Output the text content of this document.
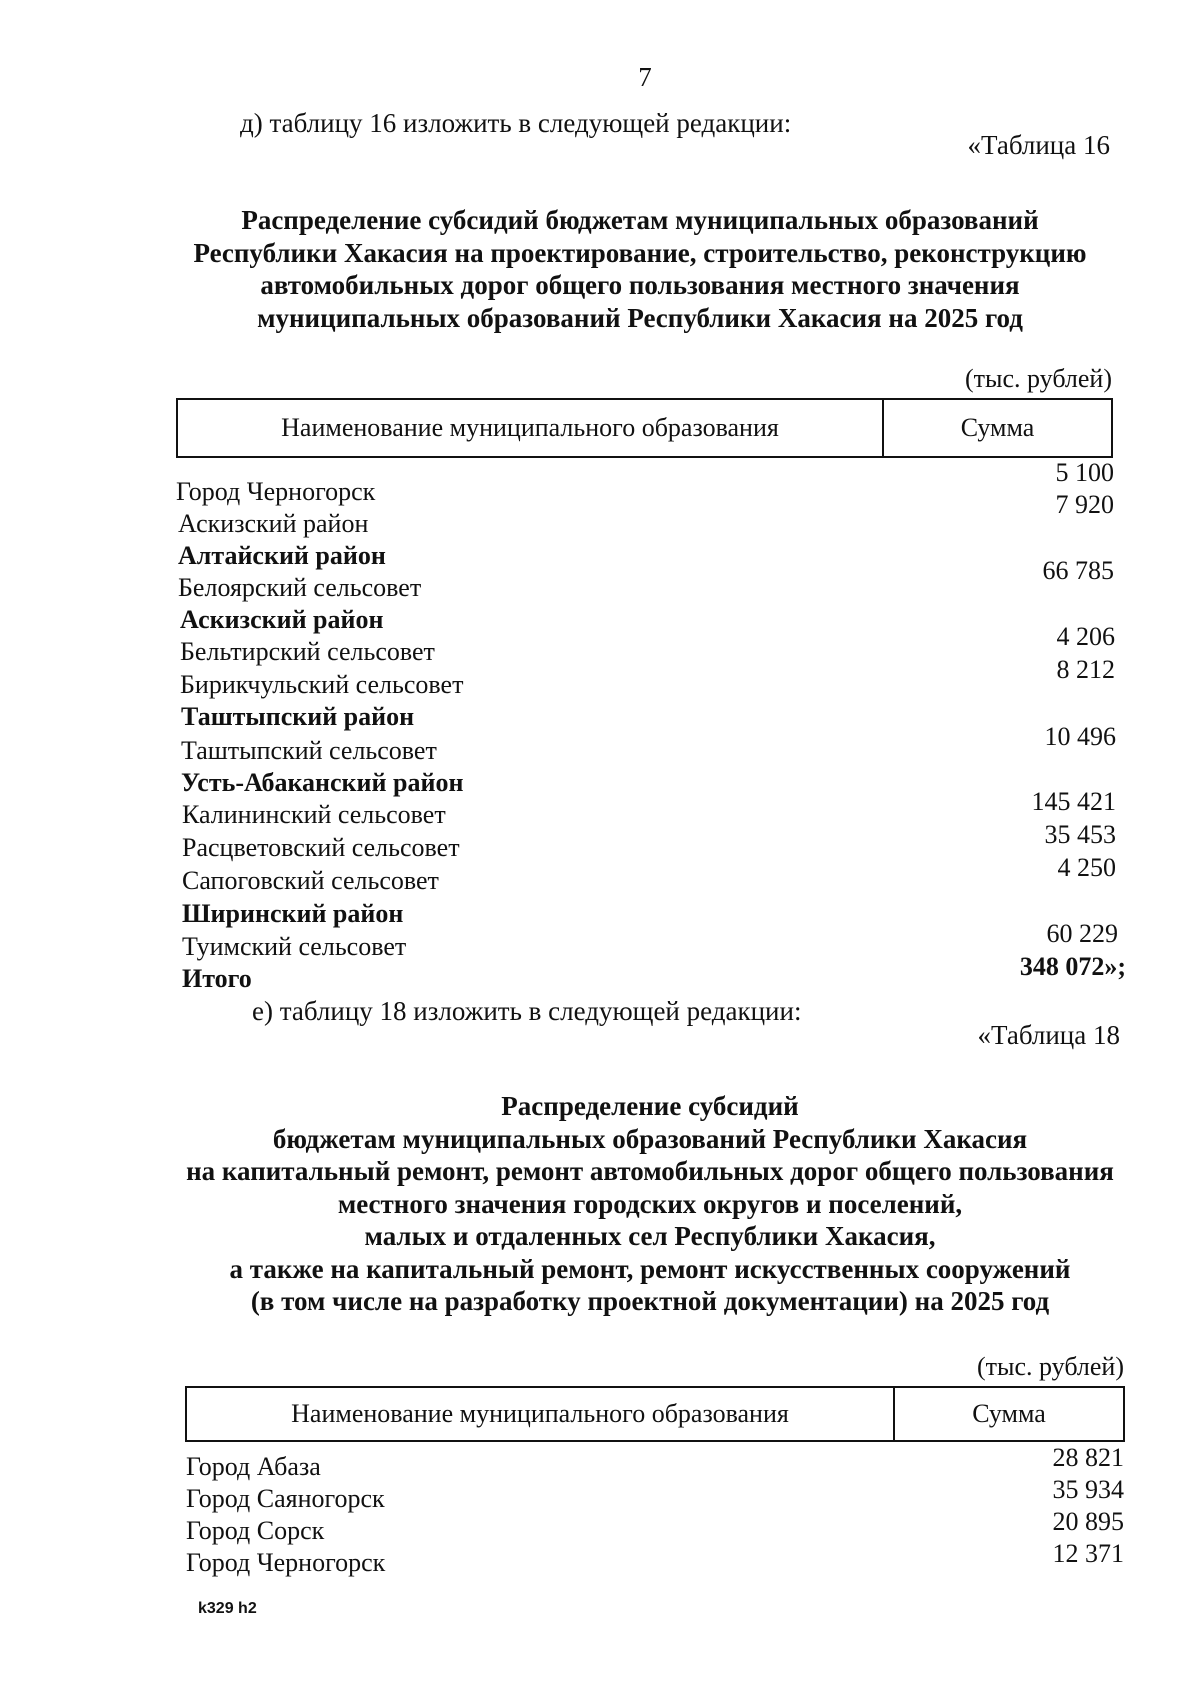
7
д) таблицу 16 изложить в следующей редакции:
«Таблица 16
Распределение субсидий бюджетам муниципальных образований
Республики Хакасия на проектирование, строительство, реконструкцию
автомобильных дорог общего пользования местного значения
муниципальных образований Республики Хакасия на 2025 год
(тыс. рублей)
Наименование муниципального образования	Сумма
Город Черногорск
Аскизский район
Алтайский район
Белоярский сельсовет
Аскизский район
Бельтирский сельсовет
Бирикчульский сельсовет
Таштыпский район
Таштыпский сельсовет
Усть-Абаканский район
Калининский сельсовет
Расцветовский сельсовет
Сапоговский сельсовет
Ширинский район
Туимский сельсовет
Итого
5 100
7 920
66 785
4 206
8 212
10 496
145 421
35 453
4 250
60 229
348 072»;
е) таблицу 18 изложить в следующей редакции:
«Таблица 18
Распределение субсидий
бюджетам муниципальных образований Республики Хакасия
на капитальный ремонт, ремонт автомобильных дорог общего пользования
местного значения городских округов и поселений,
малых и отдаленных сел Республики Хакасия,
а также на капитальный ремонт, ремонт искусственных сооружений
(в том числе на разработку проектной документации) на 2025 год
(тыс. рублей)
Наименование муниципального образования	Сумма
Город Абаза
Город Саяногорск
Город Сорск
Город Черногорск
28 821
35 934
20 895
12 371
k329 h2
